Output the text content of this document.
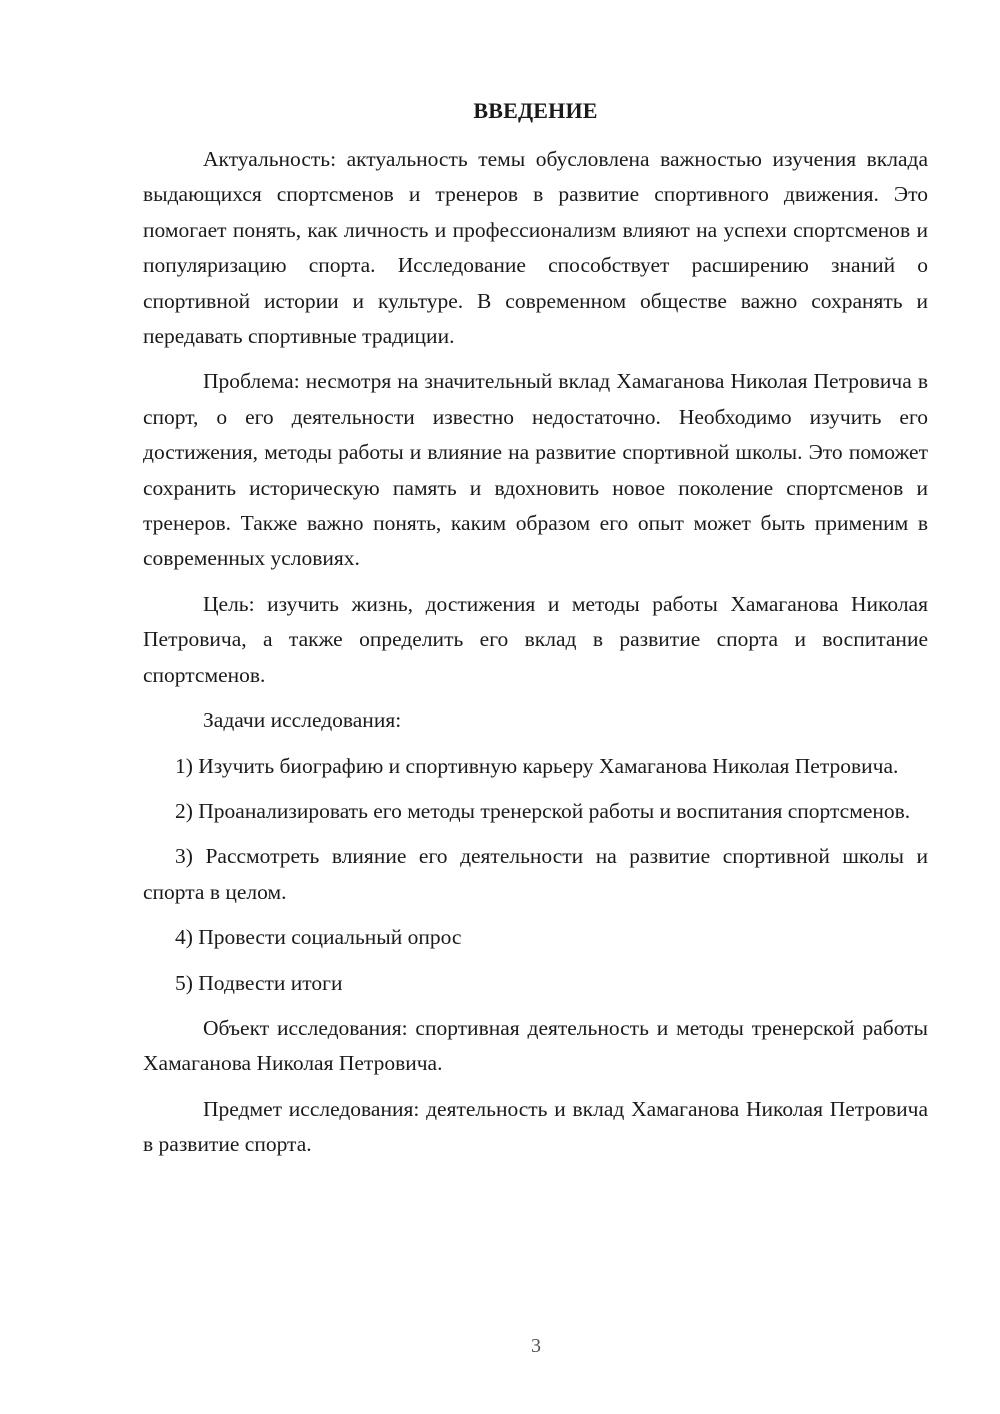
ВВЕДЕНИЕ

Актуальность: актуальность темы обусловлена важностью изучения вклада выдающихся спортсменов и тренеров в развитие спортивного движения. Это помогает понять, как личность и профессионализм влияют на успехи спортсменов и популяризацию спорта. Исследование способствует расширению знаний о спортивной истории и культуре. В современном обществе важно сохранять и передавать спортивные традиции.

Проблема: несмотря на значительный вклад Хамаганова Николая Петровича в спорт, о его деятельности известно недостаточно. Необходимо изучить его достижения, методы работы и влияние на развитие спортивной школы. Это поможет сохранить историческую память и вдохновить новое поколение спортсменов и тренеров. Также важно понять, каким образом его опыт может быть применим в современных условиях.

Цель: изучить жизнь, достижения и методы работы Хамаганова Николая Петровича, а также определить его вклад в развитие спорта и воспитание спортсменов.

Задачи исследования:

1) Изучить биографию и спортивную карьеру Хамаганова Николая Петровича.

2) Проанализировать его методы тренерской работы и воспитания спортсменов.

3) Рассмотреть влияние его деятельности на развитие спортивной школы и спорта в целом.

4) Провести социальный опрос

5) Подвести итоги

Объект исследования: спортивная деятельность и методы тренерской работы Хамаганова Николая Петровича.

Предмет исследования: деятельность и вклад Хамаганова Николая Петровича в развитие спорта.

3
